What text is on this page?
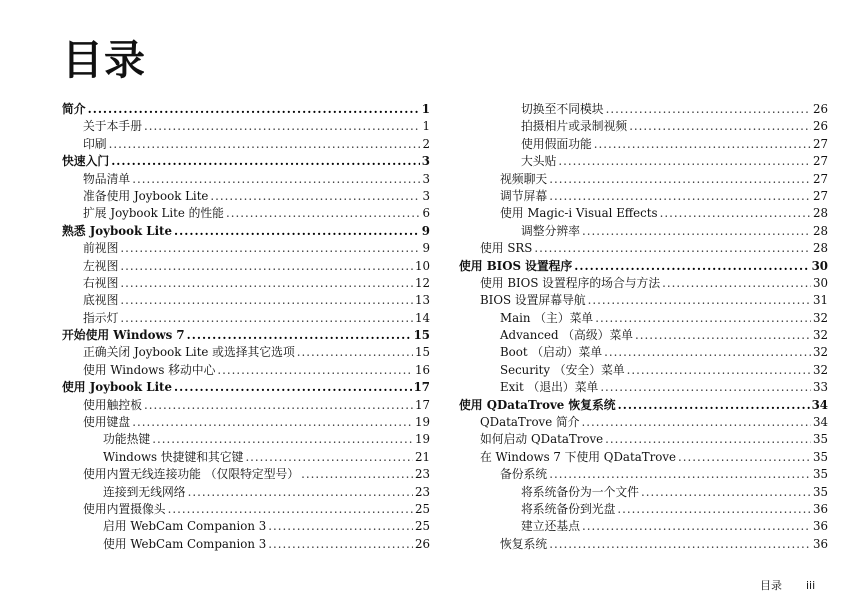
目录
简介 .....	1
关于本手册 .....	1
印刷 .....	2
快速入门 .....	3
物品清单 .....	3
准备使用 Joybook Lite .....	3
扩展 Joybook Lite 的性能 .....	6
熟悉 Joybook Lite .....	9
前视图 .....	9
左视图 .....	10
右视图 .....	12
底视图 .....	13
指示灯 .....	14
开始使用 Windows 7 .....	15
正确关闭 Joybook Lite 或选择其它选项 .....	15
使用 Windows 移动中心 .....	16
使用 Joybook Lite .....	17
使用触控板 .....	17
使用键盘 .....	19
功能热键 .....	19
Windows 快捷键和其它键 .....	21
使用内置无线连接功能 （仅限特定型号） .....	23
连接到无线网络 .....	23
使用内置摄像头 .....	25
启用 WebCam Companion 3 .....	25
使用 WebCam Companion 3 .....	26
切换至不同模块 .....	26
拍摄相片或录制视频 .....	26
使用假面功能 .....	27
大头贴 .....	27
视频聊天 .....	27
调节屏幕 .....	27
使用 Magic-i Visual Effects .....	28
调整分辨率 .....	28
使用 SRS .....	28
使用 BIOS 设置程序 .....	30
使用 BIOS 设置程序的场合与方法 .....	30
BIOS 设置屏幕导航 .....	31
Main （主）菜单 .....	32
Advanced （高级）菜单 .....	32
Boot （启动）菜单 .....	32
Security （安全）菜单 .....	32
Exit （退出）菜单 .....	33
使用 QDataTrove 恢复系统 .....	34
QDataTrove 简介 .....	34
如何启动 QDataTrove .....	35
在 Windows 7 下使用 QDataTrove .....	35
备份系统 .....	35
将系统备份为一个文件 .....	35
将系统备份到光盘 .....	36
建立还基点 .....	36
恢复系统 .....	36
目录 iii
